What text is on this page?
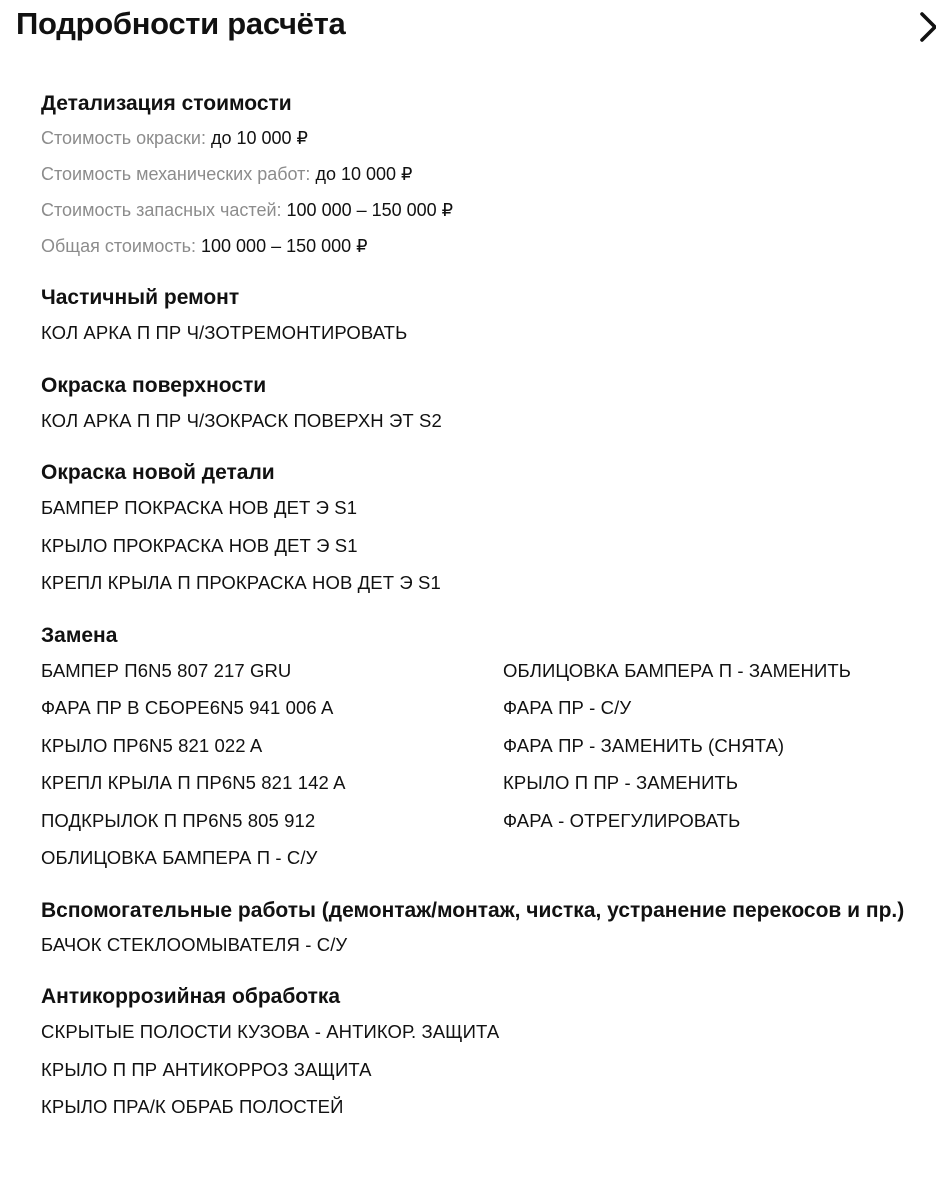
Подробности расчёта
Детализация стоимости
Стоимость окраски: до 10 000 ₽
Стоимость механических работ: до 10 000 ₽
Стоимость запасных частей: 100 000 – 150 000 ₽
Общая стоимость: 100 000 – 150 000 ₽
Частичный ремонт
КОЛ АРКА П ПР Ч/ЗОТРЕМОНТИРОВАТЬ
Окраска поверхности
КОЛ АРКА П ПР Ч/ЗОКРАСК ПОВЕРХН ЭТ S2
Окраска новой детали
БАМПЕР ПОКРАСКА НОВ ДЕТ Э S1
КРЫЛО ПРОКРАСКА НОВ ДЕТ Э S1
КРЕПЛ КРЫЛА П ПРОКРАСКА НОВ ДЕТ Э S1
Замена
БАМПЕР П6N5 807 217 GRU
ФАРА ПР В СБОРЕ6N5 941 006 A
КРЫЛО ПР6N5 821 022 A
КРЕПЛ КРЫЛА П ПР6N5 821 142 A
ПОДКРЫЛОК П ПР6N5 805 912
ОБЛИЦОВКА БАМПЕРА П - С/У
ОБЛИЦОВКА БАМПЕРА П - ЗАМЕНИТЬ
ФАРА ПР - С/У
ФАРА ПР - ЗАМЕНИТЬ (СНЯТА)
КРЫЛО П ПР - ЗАМЕНИТЬ
ФАРА - ОТРЕГУЛИРОВАТЬ
Вспомогательные работы (демонтаж/монтаж, чистка, устранение перекосов и пр.)
БАЧОК СТЕКЛООМЫВАТЕЛЯ - С/У
Антикоррозийная обработка
СКРЫТЫЕ ПОЛОСТИ КУЗОВА - АНТИКОР. ЗАЩИТА
КРЫЛО П ПР АНТИКОРРОЗ ЗАЩИТА
КРЫЛО ПРА/К ОБРАБ ПОЛОСТЕЙ
